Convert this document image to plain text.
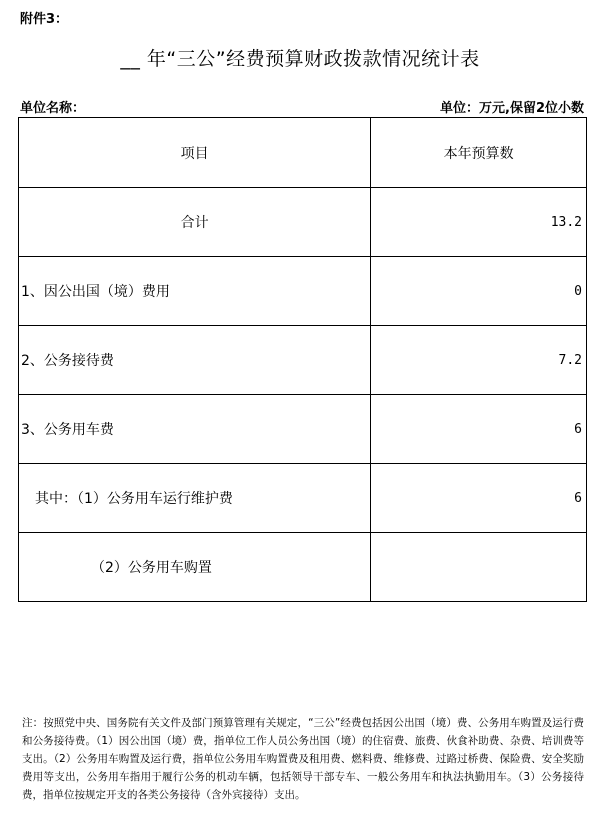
附件3：
__ 年“三公”经费预算财政拨款情况统计表
单位名称：	单位：万元,保留2位小数
项目	本年预算数
合计	13.2
1、因公出国（境）费用	0
2、公务接待费	7.2
3、公务用车费	6
其中：（1）公务用车运行维护费	6
（2）公务用车购置	
注：按照党中央、国务院有关文件及部门预算管理有关规定，“三公”经费包括因公出国（境）费、公务用车购置及运行费和公务接待费。（1）因公出国（境）费，指单位工作人员公务出国（境）的住宿费、旅费、伙食补助费、杂费、培训费等支出。（2）公务用车购置及运行费，指单位公务用车购置费及租用费、燃料费、维修费、过路过桥费、保险费、安全奖励费用等支出，公务用车指用于履行公务的机动车辆，包括领导干部专车、一般公务用车和执法执勤用车。（3）公务接待费，指单位按规定开支的各类公务接待（含外宾接待）支出。
